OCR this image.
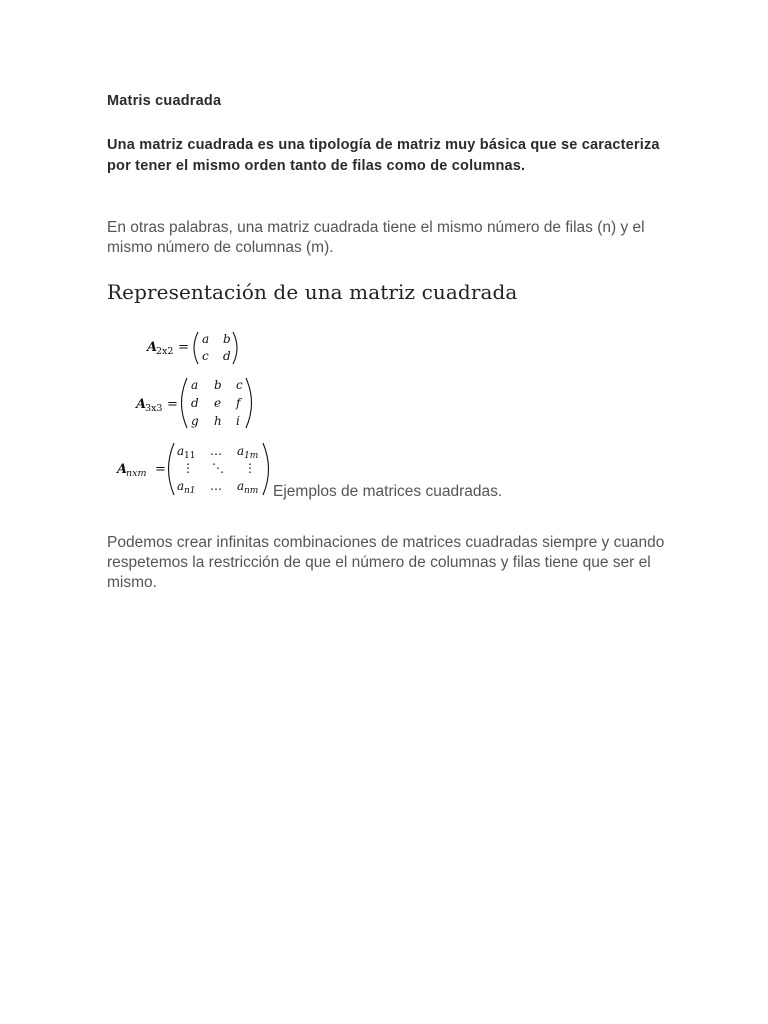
Matris cuadrada
Una matriz cuadrada es una tipología de matriz muy básica que se caracteriza por tener el mismo orden tanto de filas como de columnas.
En otras palabras, una matriz cuadrada tiene el mismo número de filas (n) y el mismo número de columnas (m).
Representación de una matriz cuadrada
A
2x2 =
a b
c d
A
3x3 =
a b c
d e f
g h i
A
nxm =
a 11 … a 1m
⋮ ⋱ ⋮
a n1 … a nm Ejemplos de matrices cuadradas.
Podemos crear infinitas combinaciones de matrices cuadradas siempre y cuando respetemos la restricción de que el número de columnas y filas tiene que ser el mismo.
